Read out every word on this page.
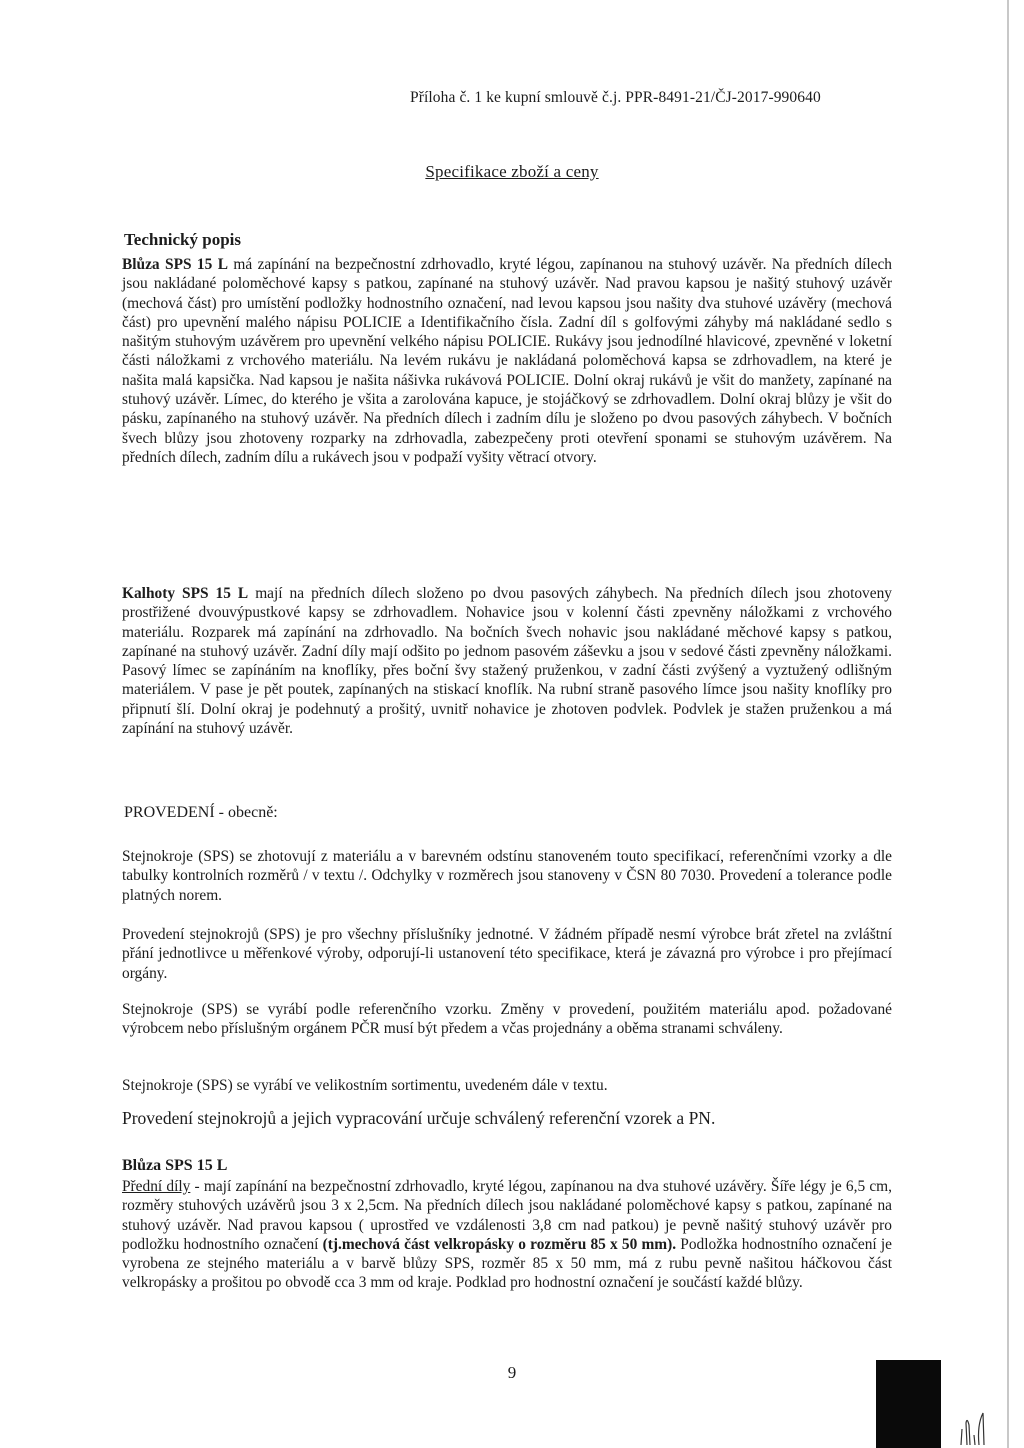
Příloha č. 1 ke kupní smlouvě č.j. PPR-8491-21/ČJ-2017-990640
Specifikace zboží a ceny
Technický popis

Blůza SPS 15 L má zapínání na bezpečnostní zdrhovadlo, kryté légou, zapínanou na stuhový uzávěr. Na předních dílech jsou nakládané poloměchové kapsy s patkou, zapínané na stuhový uzávěr. Nad pravou kapsou je našitý stuhový uzávěr (mechová část) pro umístění podložky hodnostního označení, nad levou kapsou jsou našity dva stuhové uzávěry (mechová část) pro upevnění malého nápisu POLICIE a Identifikačního čísla. Zadní díl s golfovými záhyby má nakládané sedlo s našitým stuhovým uzávěrem pro upevnění velkého nápisu POLICIE. Rukávy jsou jednodílné hlavicové, zpevněné v loketní části náložkami z vrchového materiálu. Na levém rukávu je nakládaná poloměchová kapsa se zdrhovadlem, na které je našita malá kapsička. Nad kapsou je našita nášivka rukávová POLICIE. Dolní okraj rukávů je všit do manžety, zapínané na stuhový uzávěr. Límec, do kterého je všita a zarolována kapuce, je stojáčkový se zdrhovadlem. Dolní okraj blůzy je všit do pásku, zapínaného na stuhový uzávěr. Na předních dílech i zadním dílu je složeno po dvou pasových záhybech. V bočních švech blůzy jsou zhotoveny rozparky na zdrhovadla, zabezpečeny proti otevření sponami se stuhovým uzávěrem. Na předních dílech, zadním dílu a rukávech jsou v podpaží vyšity větrací otvory.

Kalhoty SPS 15 L mají na předních dílech složeno po dvou pasových záhybech. Na předních dílech jsou zhotoveny prostřižené dvouvýpustkové kapsy se zdrhovadlem. Nohavice jsou v kolenní části zpevněny náložkami z vrchového materiálu. Rozparek má zapínání na zdrhovadlo. Na bočních švech nohavic jsou nakládané měchové kapsy s patkou, zapínané na stuhový uzávěr. Zadní díly mají odšito po jednom pasovém záševku a jsou v sedové části zpevněny náložkami. Pasový límec se zapínáním na knoflíky, přes boční švy stažený pruženkou, v zadní části zvýšený a vyztužený odlišným materiálem. V pase je pět poutek, zapínaných na stiskací knoflík. Na rubní straně pasového límce jsou našity knoflíky pro připnutí šlí. Dolní okraj je podehnutý a prošitý, uvnitř nohavice je zhotoven podvlek. Podvlek je stažen pruženkou a má zapínání na stuhový uzávěr.

PROVEDENÍ - obecně:

Stejnokroje (SPS) se zhotovují z materiálu a v barevném odstínu stanoveném touto specifikací, referenčními vzorky a dle tabulky kontrolních rozměrů / v textu /. Odchylky v rozměrech jsou stanoveny v ČSN 80 7030. Provedení a tolerance podle platných norem.

Provedení stejnokrojů (SPS) je pro všechny příslušníky jednotné. V žádném případě nesmí výrobce brát zřetel na zvláštní přání jednotlivce u měřenkové výroby, odporují-li ustanovení této specifikace, která je závazná pro výrobce i pro přejímací orgány.

Stejnokroje (SPS) se vyrábí podle referenčního vzorku. Změny v provedení, použitém materiálu apod. požadované výrobcem nebo příslušným orgánem PČR musí být předem a včas projednány a oběma stranami schváleny.

Stejnokroje (SPS) se vyrábí ve velikostním sortimentu, uvedeném dále v textu.

Provedení stejnokrojů a jejich vypracování určuje schválený referenční vzorek a PN.

Blůza SPS 15 L

Přední díly - mají zapínání na bezpečnostní zdrhovadlo, kryté légou, zapínanou na dva stuhové uzávěry. Šíře légy je 6,5 cm, rozměry stuhových uzávěrů jsou 3 x 2,5cm. Na předních dílech jsou nakládané poloměchové kapsy s patkou, zapínané na stuhový uzávěr. Nad pravou kapsou ( uprostřed ve vzdálenosti 3,8 cm nad patkou) je pevně našitý stuhový uzávěr pro podložku hodnostního označení (tj.mechová část velkropásky o rozměru 85 x 50 mm). Podložka hodnostního označení je vyrobena ze stejného materiálu a v barvě blůzy SPS, rozměr 85 x 50 mm, má z rubu pevně našitou háčkovou část velkropásky a prošitou po obvodě cca 3 mm od kraje. Podklad pro hodnostní označení je součástí každé blůzy.

9
